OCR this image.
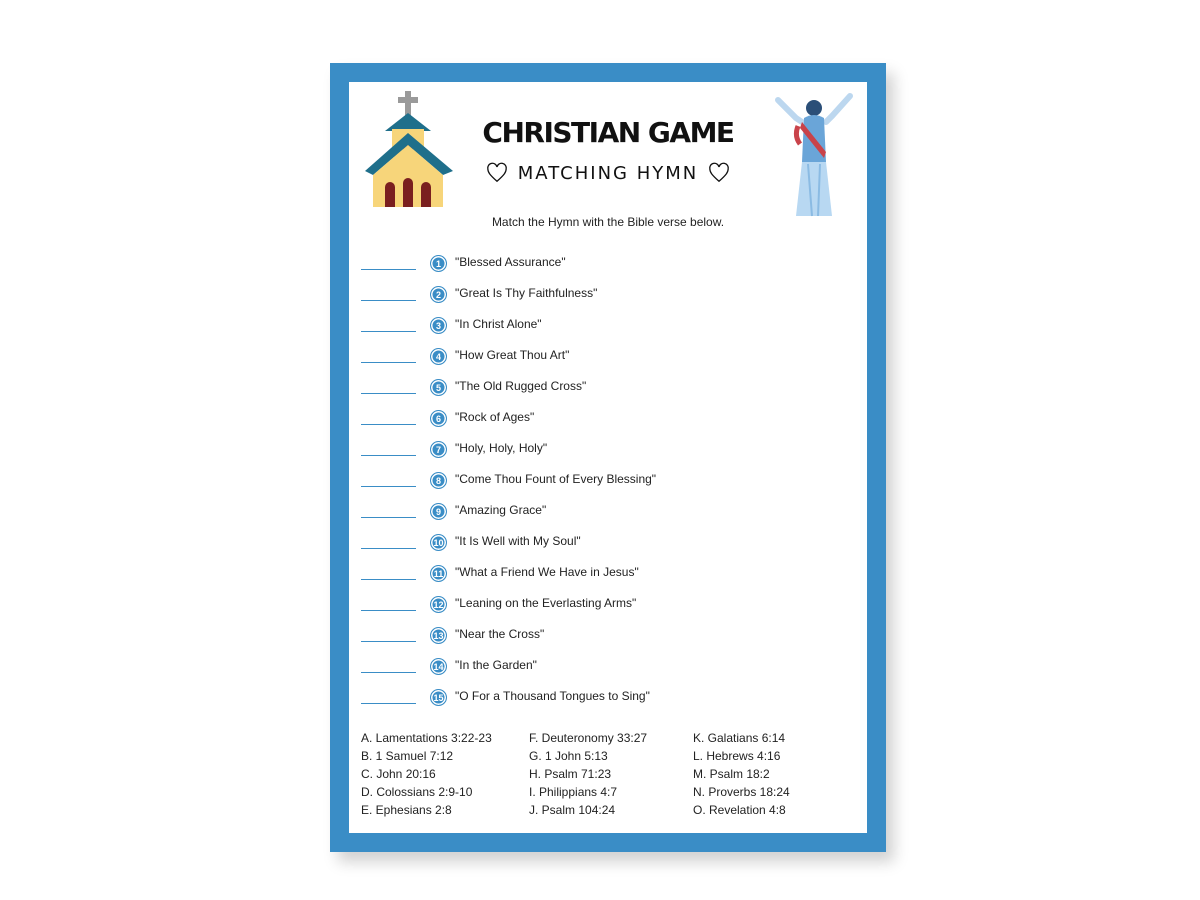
CHRISTIAN GAME
MATCHING HYMN
Match the Hymn with the Bible verse below.
1	"Blessed Assurance"
2	"Great Is Thy Faithfulness"
3	"In Christ Alone"
4	"How Great Thou Art"
5	"The Old Rugged Cross"
6	"Rock of Ages"
7	"Holy, Holy, Holy"
8	"Come Thou Fount of Every Blessing"
9	"Amazing Grace"
10 "It Is Well with My Soul"
11 "What a Friend We Have in Jesus"
12 "Leaning on the Everlasting Arms"
13 "Near the Cross"
14 "In the Garden"
15 "O For a Thousand Tongues to Sing"
A. Lamentations 3:22-23
B. 1 Samuel 7:12
C. John 20:16
D. Colossians 2:9-10
E. Ephesians 2:8
F. Deuteronomy 33:27
G. 1 John 5:13
H. Psalm 71:23
I. Philippians 4:7
J. Psalm 104:24
K. Galatians 6:14
L. Hebrews 4:16
M. Psalm 18:2
N. Proverbs 18:24
O. Revelation 4:8
